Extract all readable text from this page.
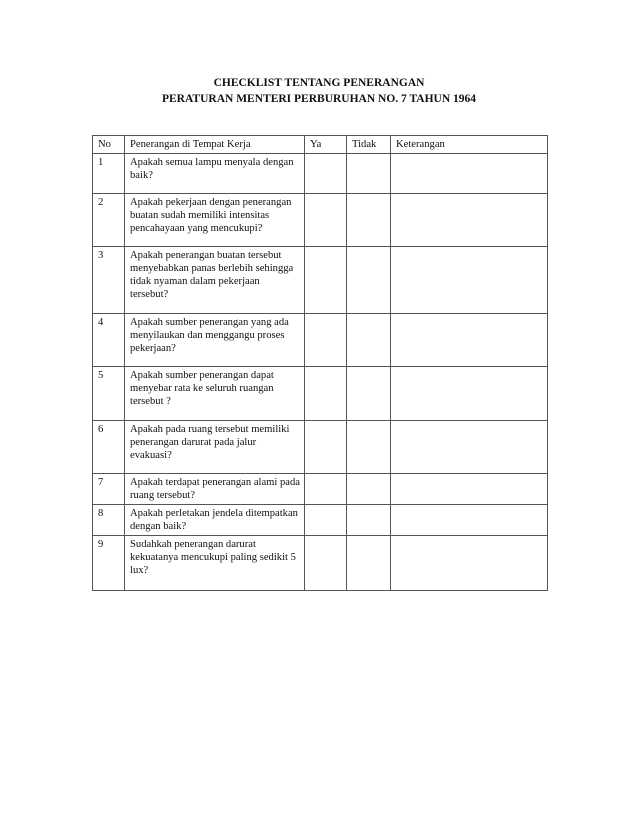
CHECKLIST TENTANG PENERANGAN
PERATURAN MENTERI PERBURUHAN NO. 7 TAHUN 1964
No	Penerangan di Tempat Kerja	Ya	Tidak	Keterangan
1	Apakah semua lampu menyala dengan baik?			
2	Apakah pekerjaan dengan penerangan buatan sudah memiliki intensitas pencahayaan yang mencukupi?			
3	Apakah penerangan buatan tersebut menyebabkan panas berlebih sehingga tidak nyaman dalam pekerjaan tersebut?			
4	Apakah sumber penerangan yang ada menyilaukan dan menggangu proses pekerjaan?			
5	Apakah sumber penerangan dapat menyebar rata ke seluruh ruangan tersebut ?			
6	Apakah pada ruang tersebut memiliki penerangan darurat pada jalur evakuasi?			
7	Apakah terdapat penerangan alami pada ruang tersebut?			
8	Apakah perletakan jendela ditempatkan dengan baik?			
9	Sudahkah penerangan darurat kekuatanya mencukupi paling sedikit 5 lux?			
